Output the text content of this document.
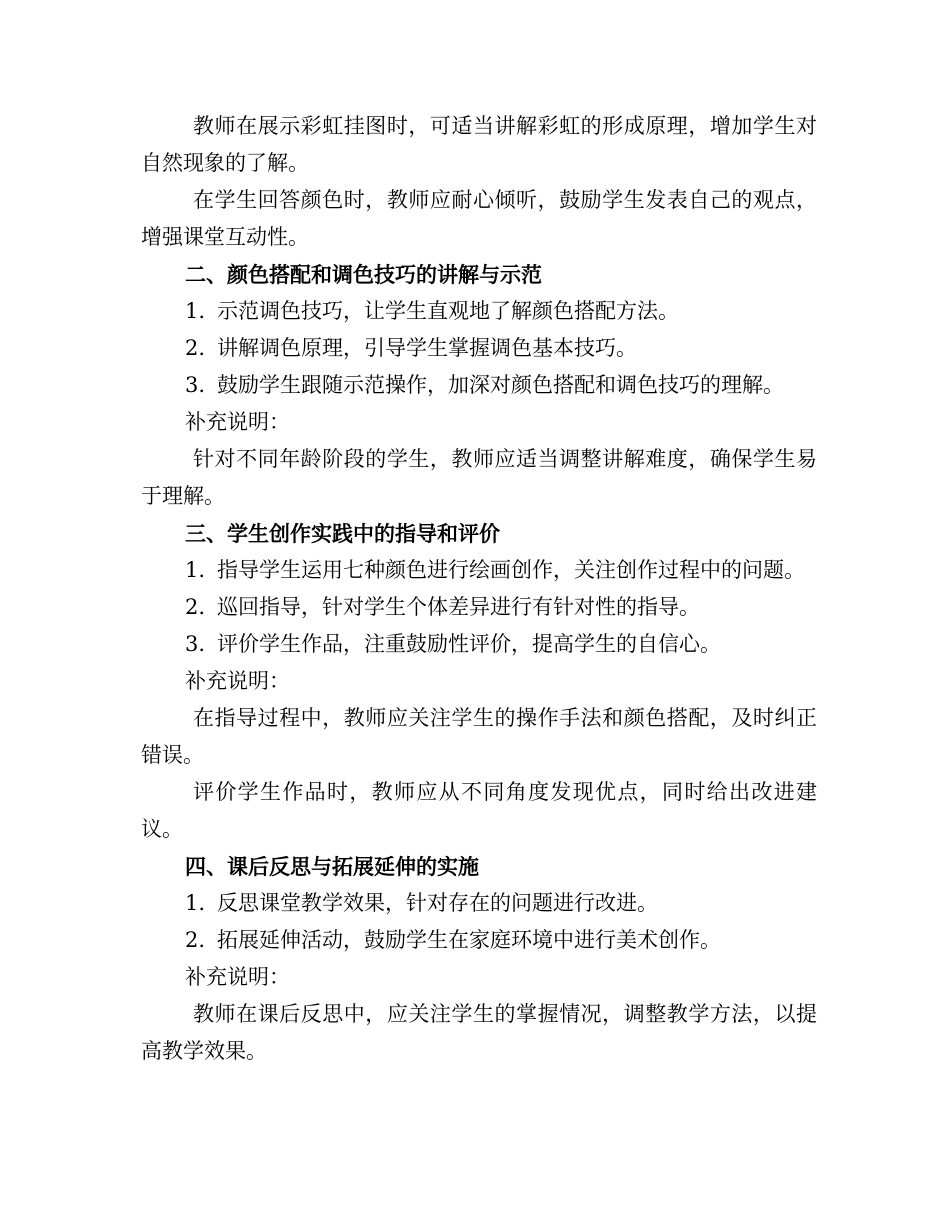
教师在展示彩虹挂图时，可适当讲解彩虹的形成原理，增加学生对自然现象的了解。

在学生回答颜色时，教师应耐心倾听，鼓励学生发表自己的观点，增强课堂互动性。

二、颜色搭配和调色技巧的讲解与示范

1. 示范调色技巧，让学生直观地了解颜色搭配方法。

2. 讲解调色原理，引导学生掌握调色基本技巧。

3. 鼓励学生跟随示范操作，加深对颜色搭配和调色技巧的理解。

补充说明：

针对不同年龄阶段的学生，教师应适当调整讲解难度，确保学生易于理解。

三、学生创作实践中的指导和评价

1. 指导学生运用七种颜色进行绘画创作，关注创作过程中的问题。

2. 巡回指导，针对学生个体差异进行有针对性的指导。

3. 评价学生作品，注重鼓励性评价，提高学生的自信心。

补充说明：

在指导过程中，教师应关注学生的操作手法和颜色搭配，及时纠正错误。

评价学生作品时，教师应从不同角度发现优点，同时给出改进建议。

四、课后反思与拓展延伸的实施

1. 反思课堂教学效果，针对存在的问题进行改进。

2. 拓展延伸活动，鼓励学生在家庭环境中进行美术创作。

补充说明：

教师在课后反思中，应关注学生的掌握情况，调整教学方法，以提高教学效果。
